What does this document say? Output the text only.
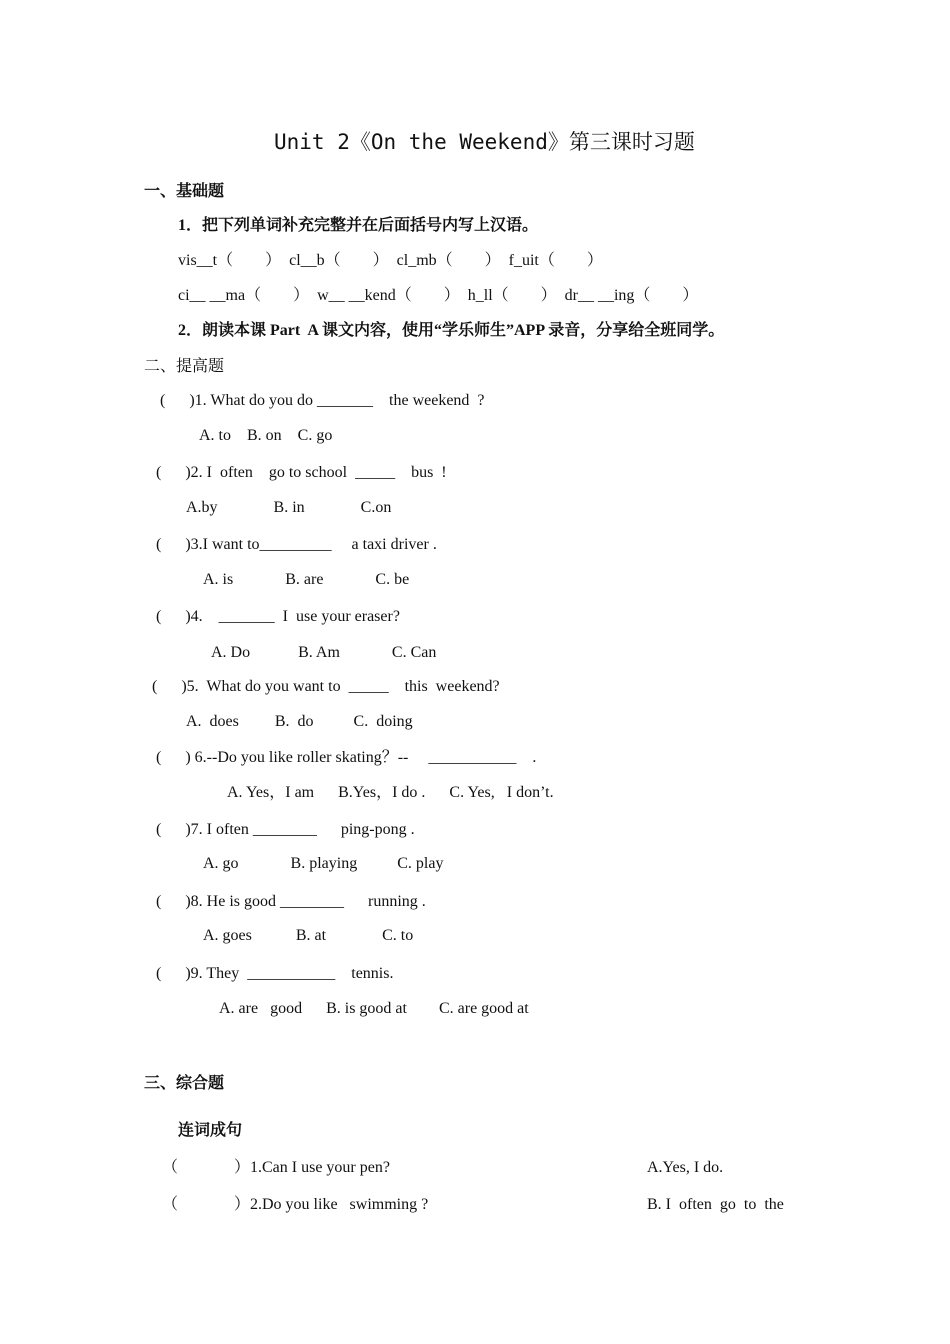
Unit 2《On the Weekend》第三课时习题
一、基础题
1．把下列单词补充完整并在后面括号内写上汉语。
vis__t（　　）　cl__b（　　）　cl_mb（　　）　f_uit（　　）
ci__ __ma（　　）　w__ __kend（　　）　h_ll（　　）　dr__ __ing（　　）
2．朗读本课 Part  A 课文内容，使用“学乐师生”APP 录音，分享给全班同学。
二、提高题
(      )1. What do you do _______    the weekend  ?
A. to    B. on    C. go
(      )2. I  often    go to school  _____    bus  !
A.by              B. in              C.on
(      )3.I want to_________     a taxi driver .
A. is             B. are             C. be
(      )4.    _______  I  use your eraser?
A. Do            B. Am             C. Can
(      )5.  What do you want to  _____    this  weekend?
A.  does         B.  do          C.  doing
(      ) 6.--Do you like roller skating？--     ___________    .
A. Yes，I am      B.Yes，I do .      C. Yes,   I don’t.
(      )7. I often ________      ping-pong .
A. go             B. playing          C. play
(      )8. He is good ________      running .
A. goes           B. at              C. to
(      )9. They  ___________    tennis.
A. are   good      B. is good at        C. are good at
三、综合题
连词成句
（              ）1.Can I use your pen?	A.Yes, I do.
（              ）2.Do you like   swimming ?	B. I  often  go  to  the
